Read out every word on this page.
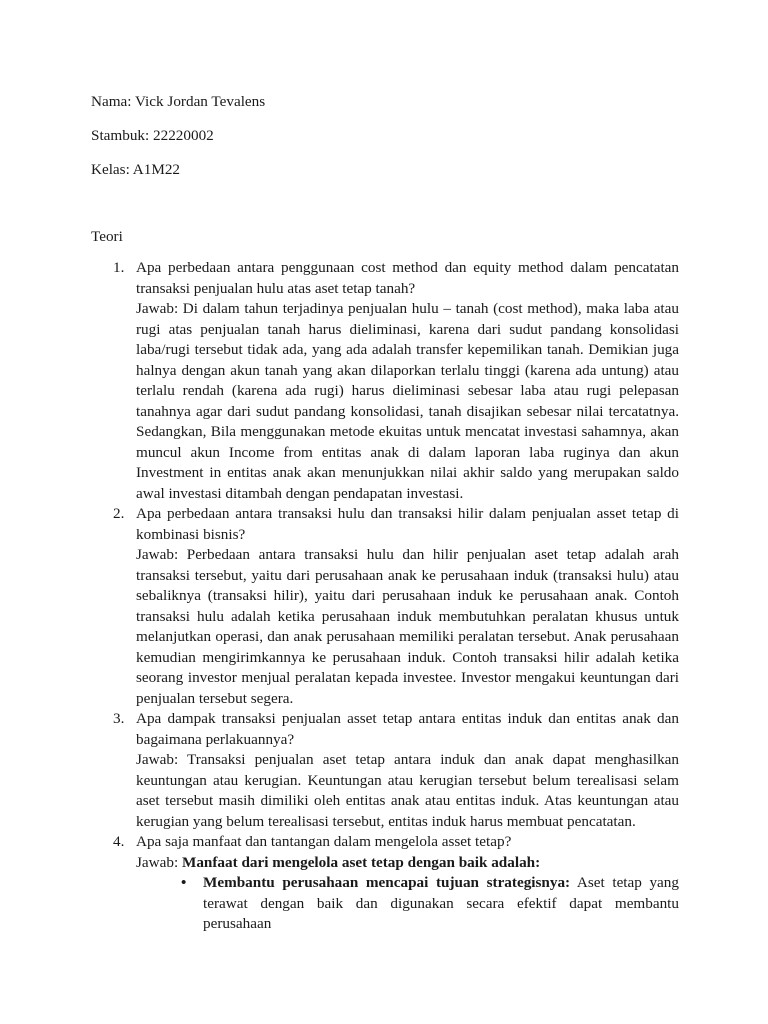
Nama: Vick Jordan Tevalens

Stambuk: 22220002

Kelas: A1M22

Teori

1. Apa perbedaan antara penggunaan cost method dan equity method dalam pencatatan transaksi penjualan hulu atas aset tetap tanah?

Jawab: Di dalam tahun terjadinya penjualan hulu – tanah (cost method), maka laba atau rugi atas penjualan tanah harus dieliminasi, karena dari sudut pandang konsolidasi laba/rugi tersebut tidak ada, yang ada adalah transfer kepemilikan tanah. Demikian juga halnya dengan akun tanah yang akan dilaporkan terlalu tinggi (karena ada untung) atau terlalu rendah (karena ada rugi) harus dieliminasi sebesar laba atau rugi pelepasan tanahnya agar dari sudut pandang konsolidasi, tanah disajikan sebesar nilai tercatatnya. Sedangkan, Bila menggunakan metode ekuitas untuk mencatat investasi sahamnya, akan muncul akun Income from entitas anak di dalam laporan laba ruginya dan akun Investment in entitas anak akan menunjukkan nilai akhir saldo yang merupakan saldo awal investasi ditambah dengan pendapatan investasi.

2. Apa perbedaan antara transaksi hulu dan transaksi hilir dalam penjualan asset tetap di kombinasi bisnis?

Jawab: Perbedaan antara transaksi hulu dan hilir penjualan aset tetap adalah arah transaksi tersebut, yaitu dari perusahaan anak ke perusahaan induk (transaksi hulu) atau sebaliknya (transaksi hilir), yaitu dari perusahaan induk ke perusahaan anak. Contoh transaksi hulu adalah ketika perusahaan induk membutuhkan peralatan khusus untuk melanjutkan operasi, dan anak perusahaan memiliki peralatan tersebut. Anak perusahaan kemudian mengirimkannya ke perusahaan induk. Contoh transaksi hilir adalah ketika seorang investor menjual peralatan kepada investee. Investor mengakui keuntungan dari penjualan tersebut segera.

3. Apa dampak transaksi penjualan asset tetap antara entitas induk dan entitas anak dan bagaimana perlakuannya?

Jawab: Transaksi penjualan aset tetap antara induk dan anak dapat menghasilkan keuntungan atau kerugian. Keuntungan atau kerugian tersebut belum terealisasi selam aset tersebut masih dimiliki oleh entitas anak atau entitas induk. Atas keuntungan atau kerugian yang belum terealisasi tersebut, entitas induk harus membuat pencatatan.

4. Apa saja manfaat dan tantangan dalam mengelola asset tetap?

Jawab: Manfaat dari mengelola aset tetap dengan baik adalah:

• Membantu perusahaan mencapai tujuan strategisnya: Aset tetap yang terawat dengan baik dan digunakan secara efektif dapat membantu perusahaan
